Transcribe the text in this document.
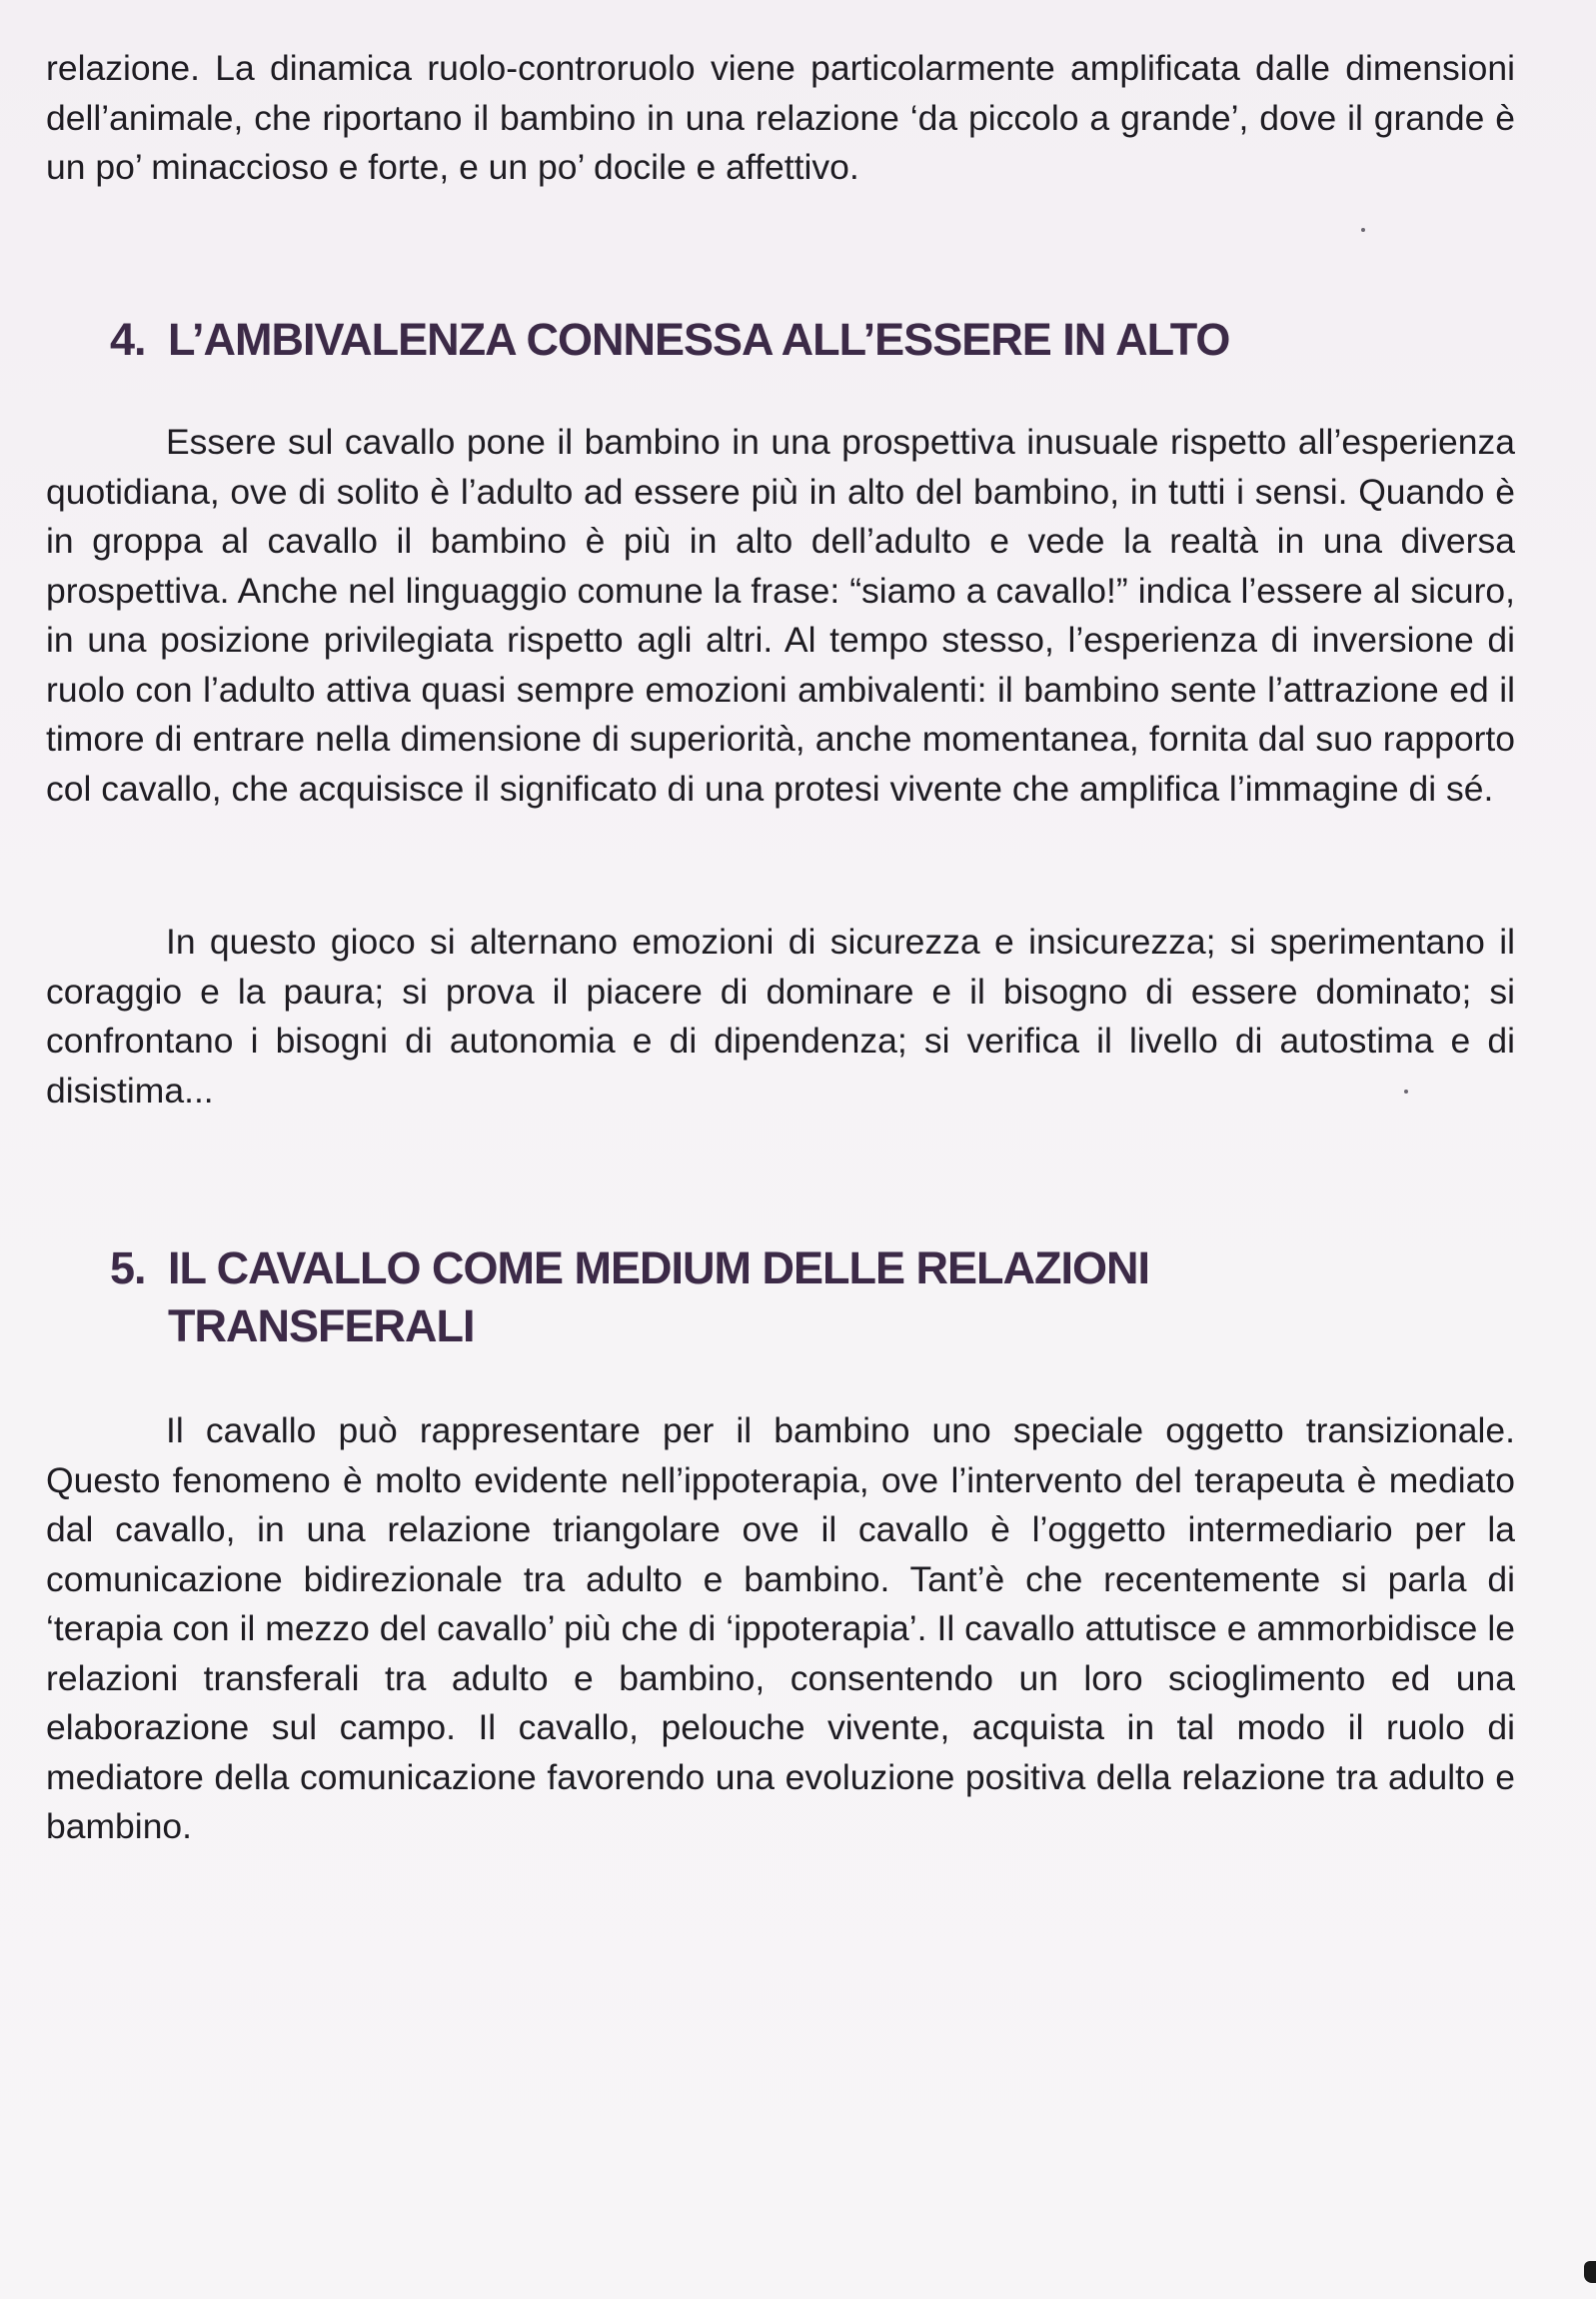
relazione. La dinamica ruolo-controruolo viene particolarmente amplificata dalle dimensioni dell’animale, che riportano il bambino in una relazione ‘da piccolo a grande’, dove il grande è un po’ minaccioso e forte, e un po’ docile e affettivo.

4. L’AMBIVALENZA CONNESSA ALL’ESSERE IN ALTO

Essere sul cavallo pone il bambino in una prospettiva inusuale rispetto all’esperienza quotidiana, ove di solito è l’adulto ad essere più in alto del bambino, in tutti i sensi. Quando è in groppa al cavallo il bambino è più in alto dell’adulto e vede la realtà in una diversa prospettiva. Anche nel linguaggio comune la frase: “siamo a cavallo!” indica l’essere al sicuro, in una posizione privilegiata rispetto agli altri. Al tempo stesso, l’esperienza di inversione di ruolo con l’adulto attiva quasi sempre emozioni ambivalenti: il bambino sente l’attrazione ed il timore di entrare nella dimensione di superiorità, anche momentanea, fornita dal suo rapporto col cavallo, che acquisisce il significato di una protesi vivente che amplifica l’immagine di sé.

In questo gioco si alternano emozioni di sicurezza e insicurezza; si sperimentano il coraggio e la paura; si prova il piacere di dominare e il bisogno di essere dominato; si confrontano i bisogni di autonomia e di dipendenza; si verifica il livello di autostima e di disistima...

5. IL CAVALLO COME MEDIUM DELLE RELAZIONI
TRANSFERALI

Il cavallo può rappresentare per il bambino uno speciale oggetto transizionale. Questo fenomeno è molto evidente nell’ippoterapia, ove l’intervento del terapeuta è mediato dal cavallo, in una relazione triangolare ove il cavallo è l’oggetto intermediario per la comunicazione bidirezionale tra adulto e bambino. Tant’è che recentemente si parla di ‘terapia con il mezzo del cavallo’ più che di ‘ippoterapia’. Il cavallo attutisce e ammorbidisce le relazioni transferali tra adulto e bambino, consentendo un loro scioglimento ed una elaborazione sul campo. Il cavallo, pelouche vivente, acquista in tal modo il ruolo di mediatore della comunicazione favorendo una evoluzione positiva della relazione tra adulto e bambino.
